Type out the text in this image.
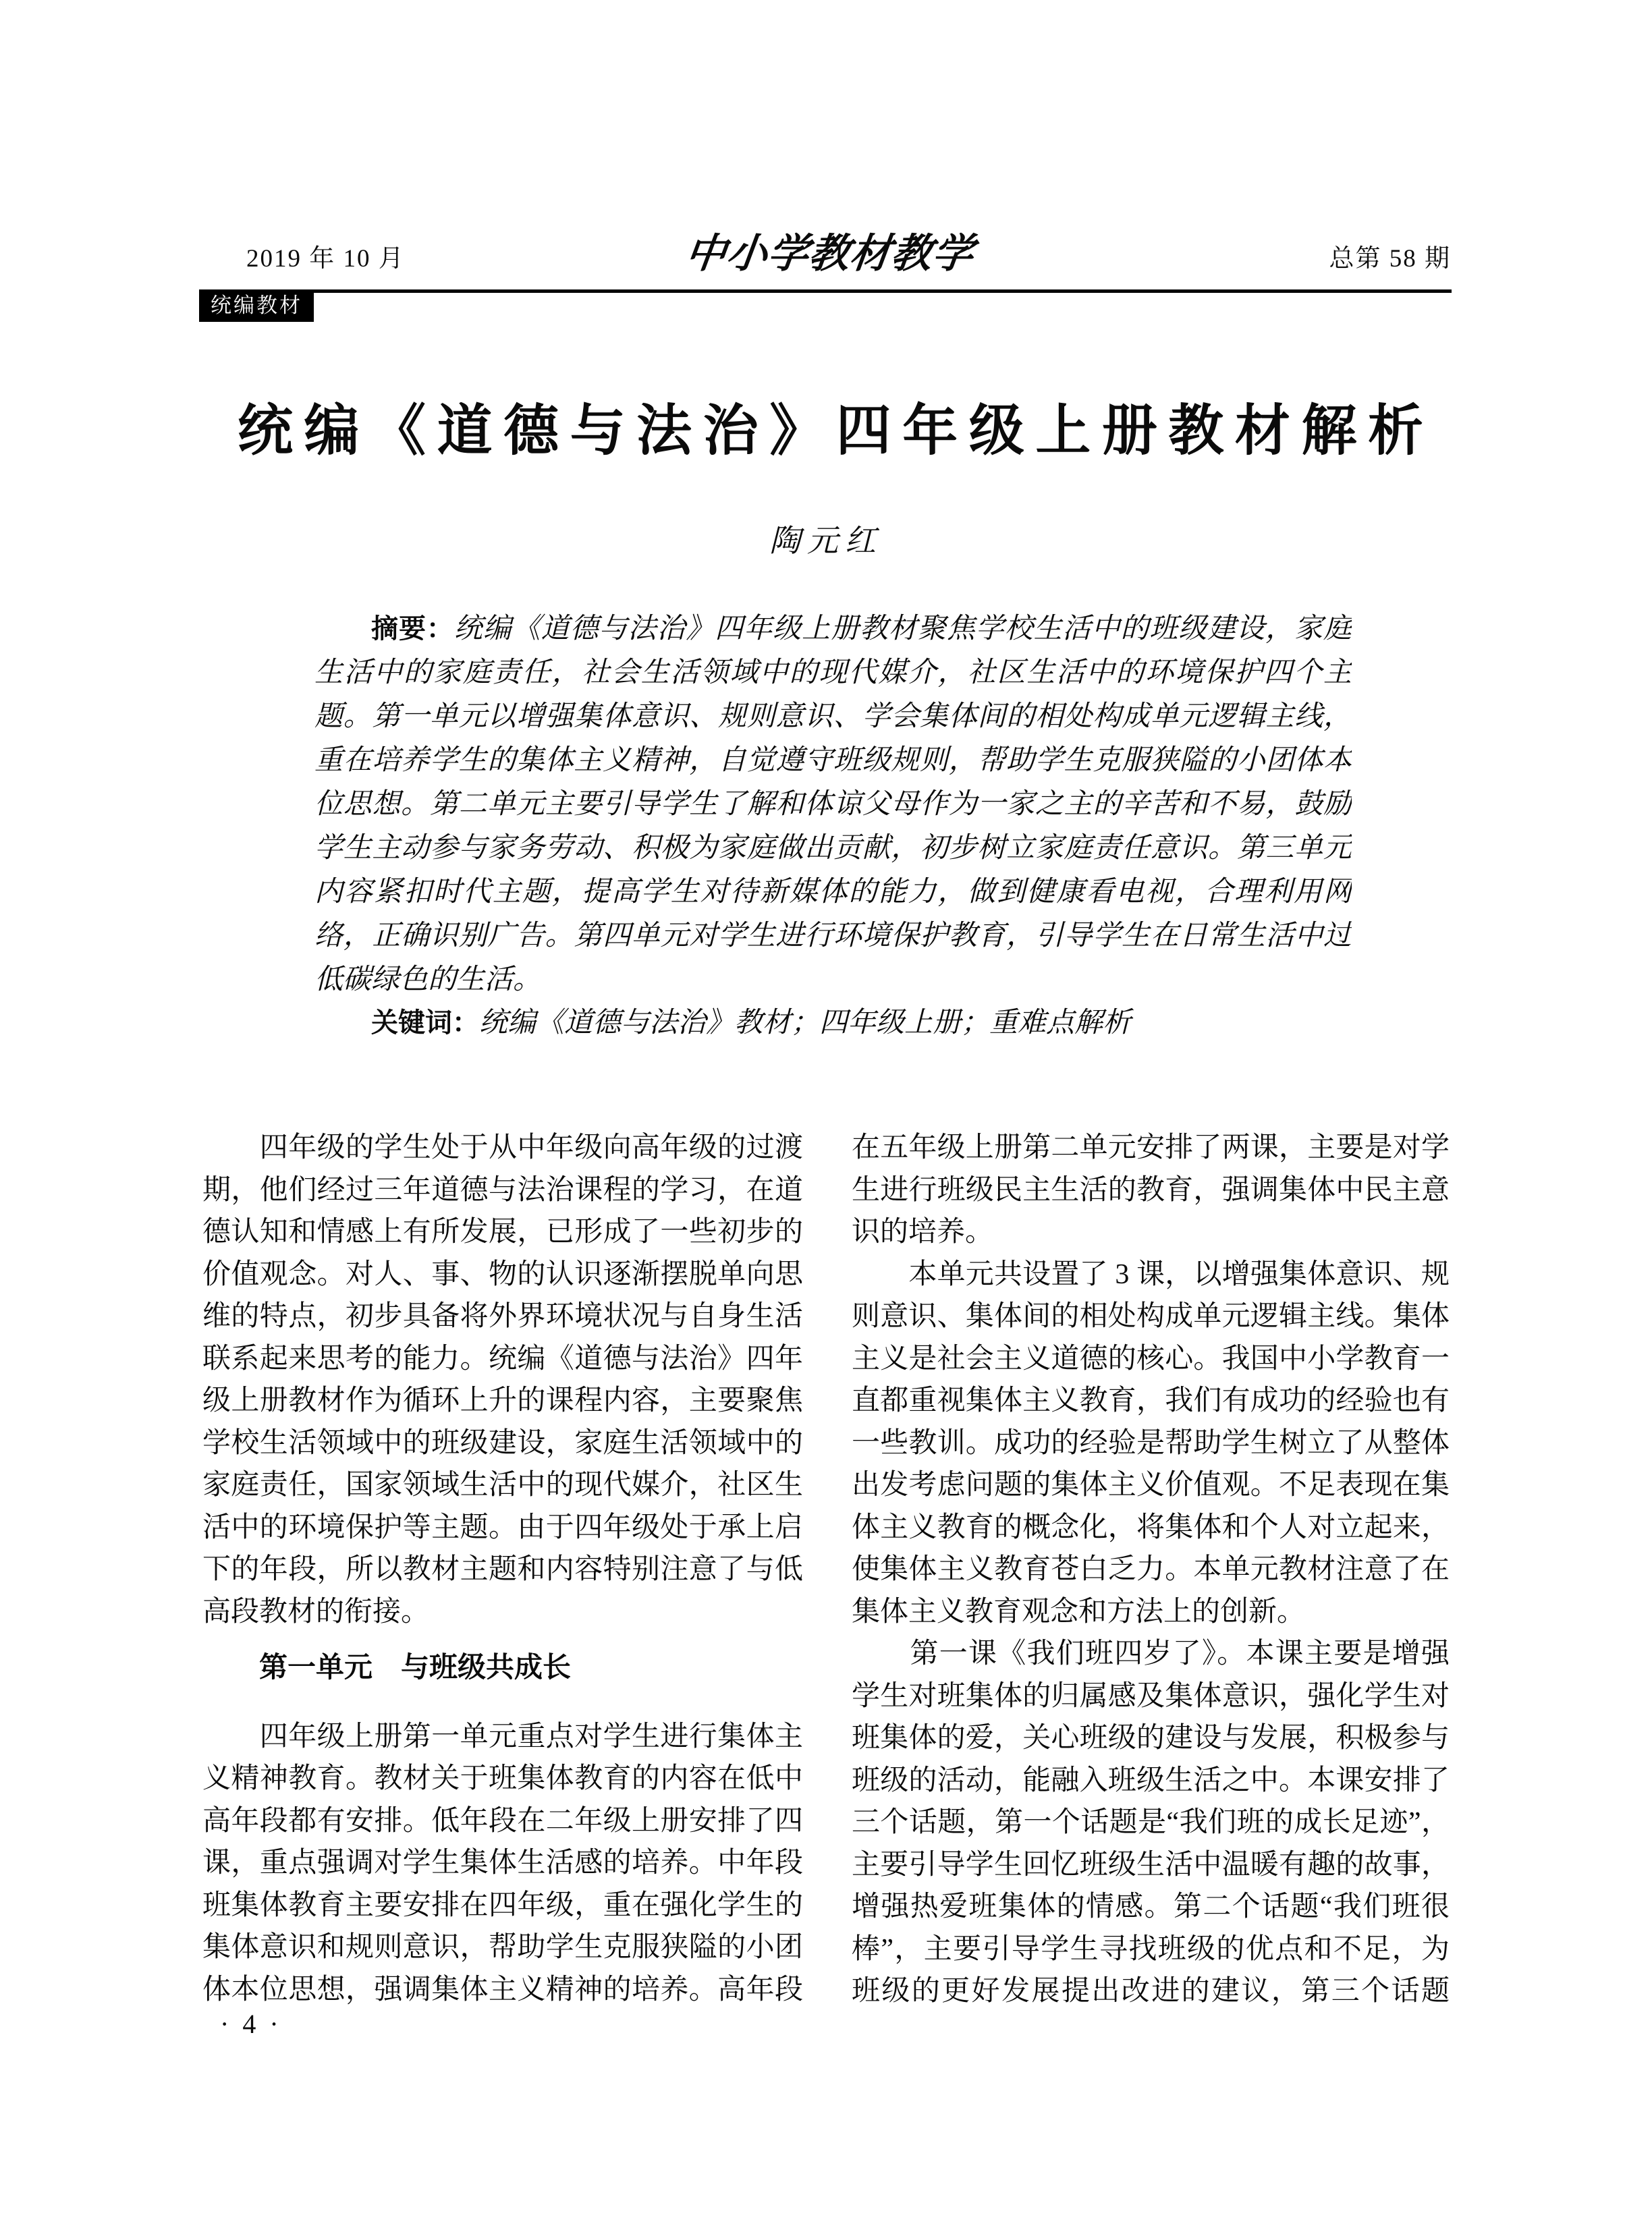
2019 年 10 月	中小学教材教学	总第 58 期
统编教材
统编《道德与法治》四年级上册教材解析
陶元红
摘要：统编《道德与法治》四年级上册教材聚焦学校生活中的班级建设，家庭
生活中的家庭责任，社会生活领域中的现代媒介，社区生活中的环境保护四个主
题。第一单元以增强集体意识、规则意识、学会集体间的相处构成单元逻辑主线，
重在培养学生的集体主义精神，自觉遵守班级规则，帮助学生克服狭隘的小团体本
位思想。第二单元主要引导学生了解和体谅父母作为一家之主的辛苦和不易，鼓励
学生主动参与家务劳动、积极为家庭做出贡献，初步树立家庭责任意识。第三单元
内容紧扣时代主题，提高学生对待新媒体的能力，做到健康看电视，合理利用网
络，正确识别广告。第四单元对学生进行环境保护教育，引导学生在日常生活中过
低碳绿色的生活。
关键词：统编《道德与法治》教材；四年级上册；重难点解析
　　四年级的学生处于从中年级向高年级的过渡
期，他们经过三年道德与法治课程的学习，在道
德认知和情感上有所发展，已形成了一些初步的
价值观念。对人、事、物的认识逐渐摆脱单向思
维的特点，初步具备将外界环境状况与自身生活
联系起来思考的能力。统编《道德与法治》四年
级上册教材作为循环上升的课程内容，主要聚焦
学校生活领域中的班级建设，家庭生活领域中的
家庭责任，国家领域生活中的现代媒介，社区生
活中的环境保护等主题。由于四年级处于承上启
下的年段，所以教材主题和内容特别注意了与低
高段教材的衔接。
第一单元　与班级共成长
　　四年级上册第一单元重点对学生进行集体主
义精神教育。教材关于班集体教育的内容在低中
高年段都有安排。低年段在二年级上册安排了四
课，重点强调对学生集体生活感的培养。中年段
班集体教育主要安排在四年级，重在强化学生的
集体意识和规则意识，帮助学生克服狭隘的小团
体本位思想，强调集体主义精神的培养。高年段
在五年级上册第二单元安排了两课，主要是对学
生进行班级民主生活的教育，强调集体中民主意
识的培养。
　　本单元共设置了 3 课，以增强集体意识、规
则意识、集体间的相处构成单元逻辑主线。集体
主义是社会主义道德的核心。我国中小学教育一
直都重视集体主义教育，我们有成功的经验也有
一些教训。成功的经验是帮助学生树立了从整体
出发考虑问题的集体主义价值观。不足表现在集
体主义教育的概念化，将集体和个人对立起来，
使集体主义教育苍白乏力。本单元教材注意了在
集体主义教育观念和方法上的创新。
　　第一课《我们班四岁了》。本课主要是增强
学生对班集体的归属感及集体意识，强化学生对
班集体的爱，关心班级的建设与发展，积极参与
班级的活动，能融入班级生活之中。本课安排了
三个话题，第一个话题是“我们班的成长足迹”，
主要引导学生回忆班级生活中温暖有趣的故事，
增强热爱班集体的情感。第二个话题“我们班很
棒”，主要引导学生寻找班级的优点和不足，为
班级的更好发展提出改进的建议，第三个话题
· 4 ·
